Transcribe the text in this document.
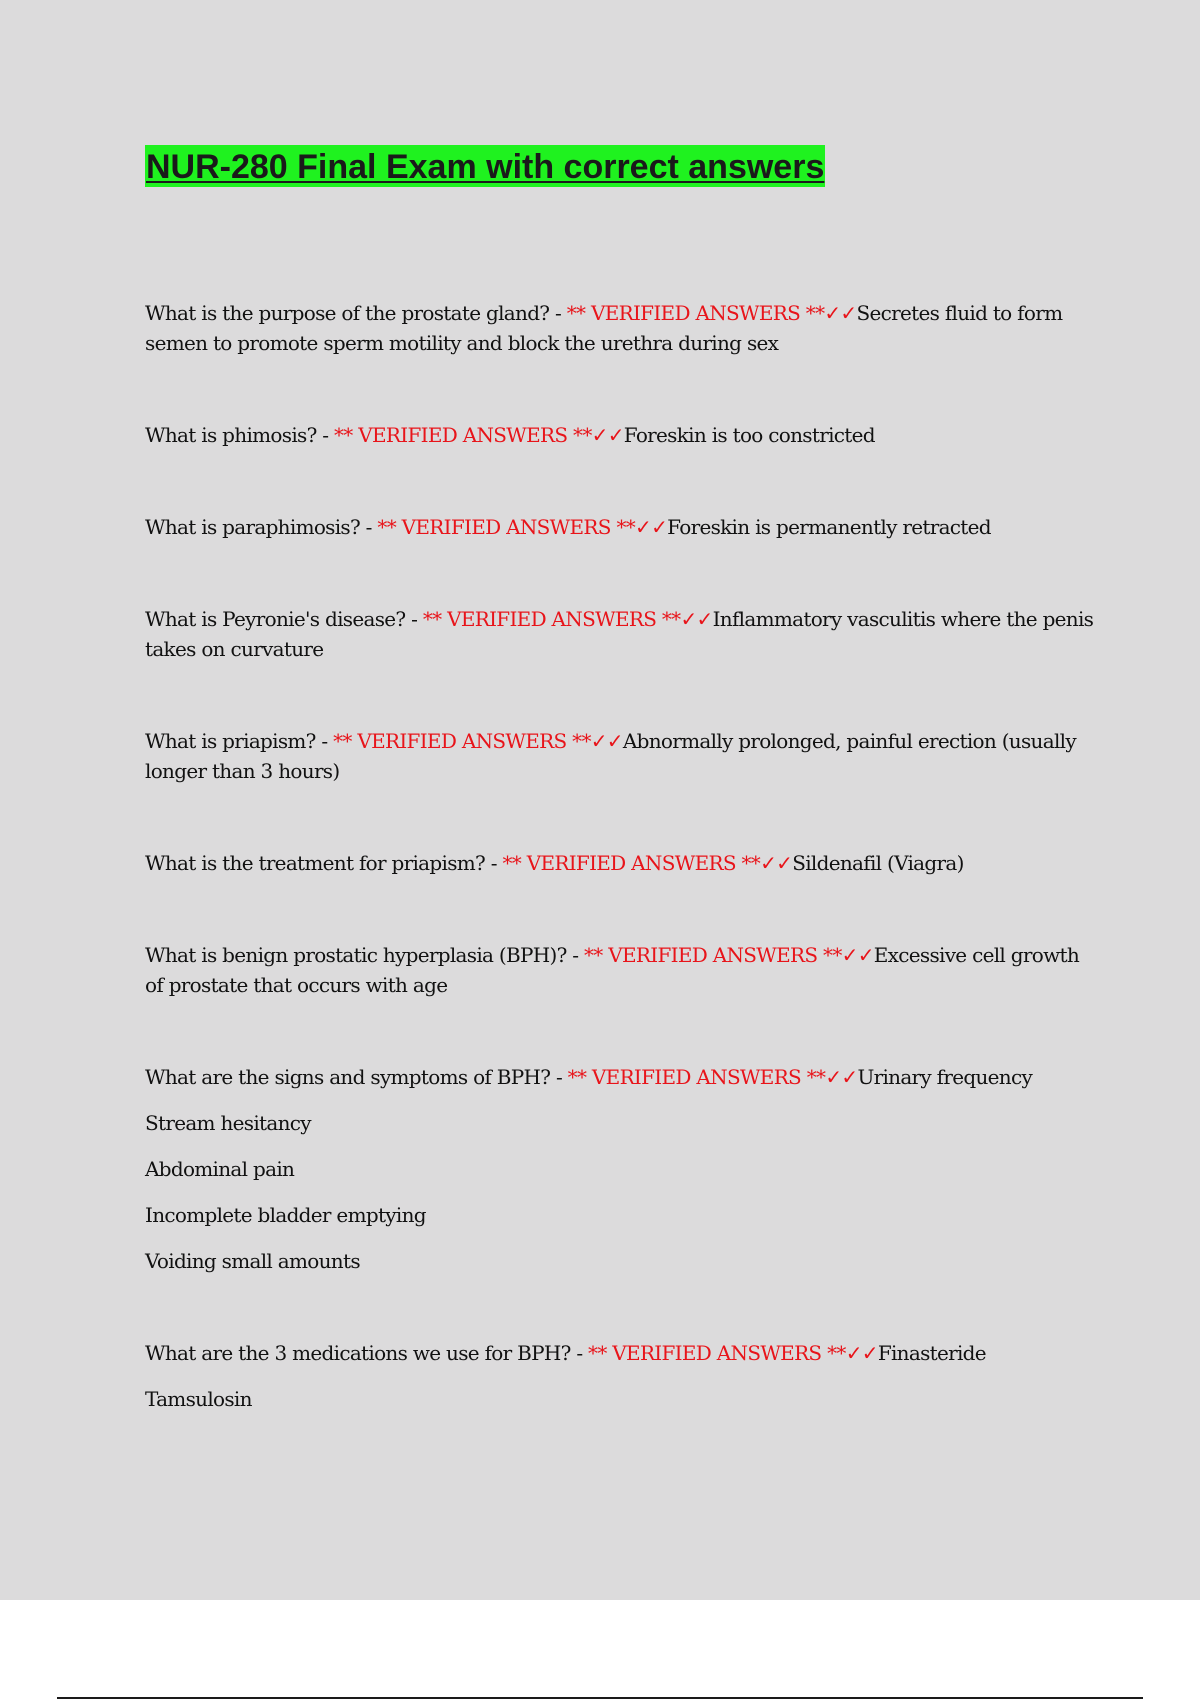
NUR-280 Final Exam with correct answers

What is the purpose of the prostate gland? - ** VERIFIED ANSWERS **✓✓Secretes fluid to form semen to promote sperm motility and block the urethra during sex

What is phimosis? - ** VERIFIED ANSWERS **✓✓Foreskin is too constricted

What is paraphimosis? - ** VERIFIED ANSWERS **✓✓Foreskin is permanently retracted

What is Peyronie's disease? - ** VERIFIED ANSWERS **✓✓Inflammatory vasculitis where the penis takes on curvature

What is priapism? - ** VERIFIED ANSWERS **✓✓Abnormally prolonged, painful erection (usually longer than 3 hours)

What is the treatment for priapism? - ** VERIFIED ANSWERS **✓✓Sildenafil (Viagra)

What is benign prostatic hyperplasia (BPH)? - ** VERIFIED ANSWERS **✓✓Excessive cell growth of prostate that occurs with age

What are the signs and symptoms of BPH? - ** VERIFIED ANSWERS **✓✓Urinary frequency

Stream hesitancy

Abdominal pain

Incomplete bladder emptying

Voiding small amounts

What are the 3 medications we use for BPH? - ** VERIFIED ANSWERS **✓✓Finasteride

Tamsulosin
